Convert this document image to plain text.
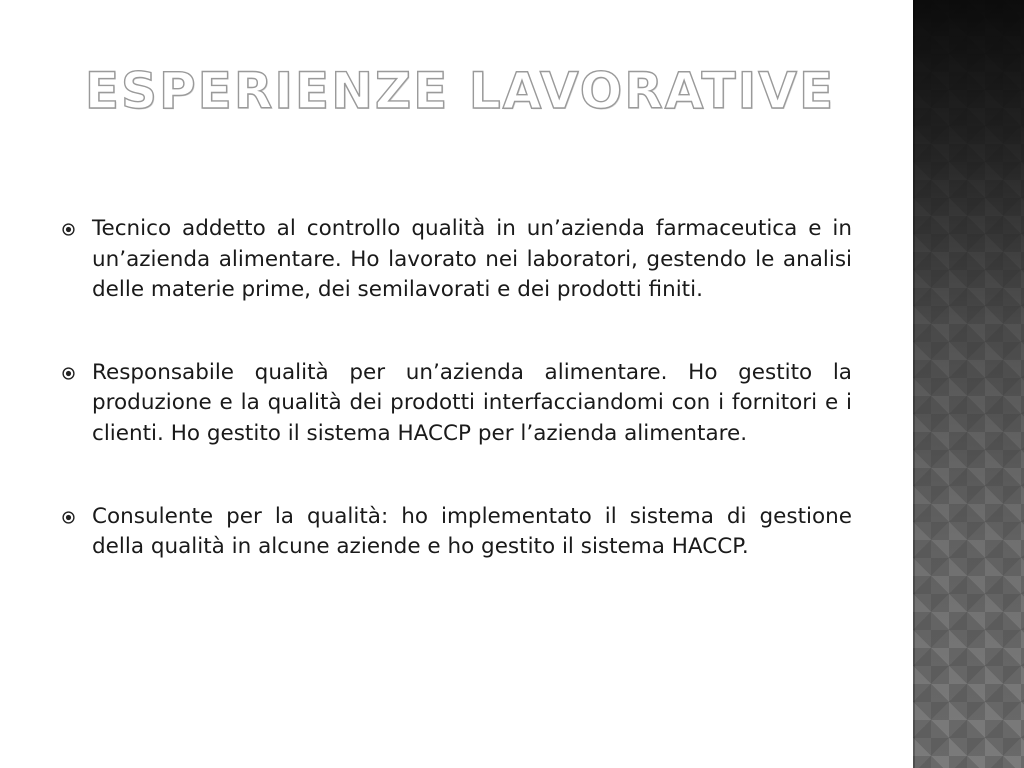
ESPERIENZE LAVORATIVE
Tecnico addetto al controllo qualità in un’azienda farmaceutica e in un’azienda alimentare. Ho lavorato nei laboratori, gestendo le analisi delle materie prime, dei semilavorati e dei prodotti finiti.
Responsabile qualità per un’azienda alimentare. Ho gestito la produzione e la qualità dei prodotti interfacciandomi con i fornitori e i clienti. Ho gestito il sistema HACCP per l’azienda alimentare.
Consulente per la qualità: ho implementato il sistema di gestione della qualità in alcune aziende e ho gestito il sistema HACCP.
